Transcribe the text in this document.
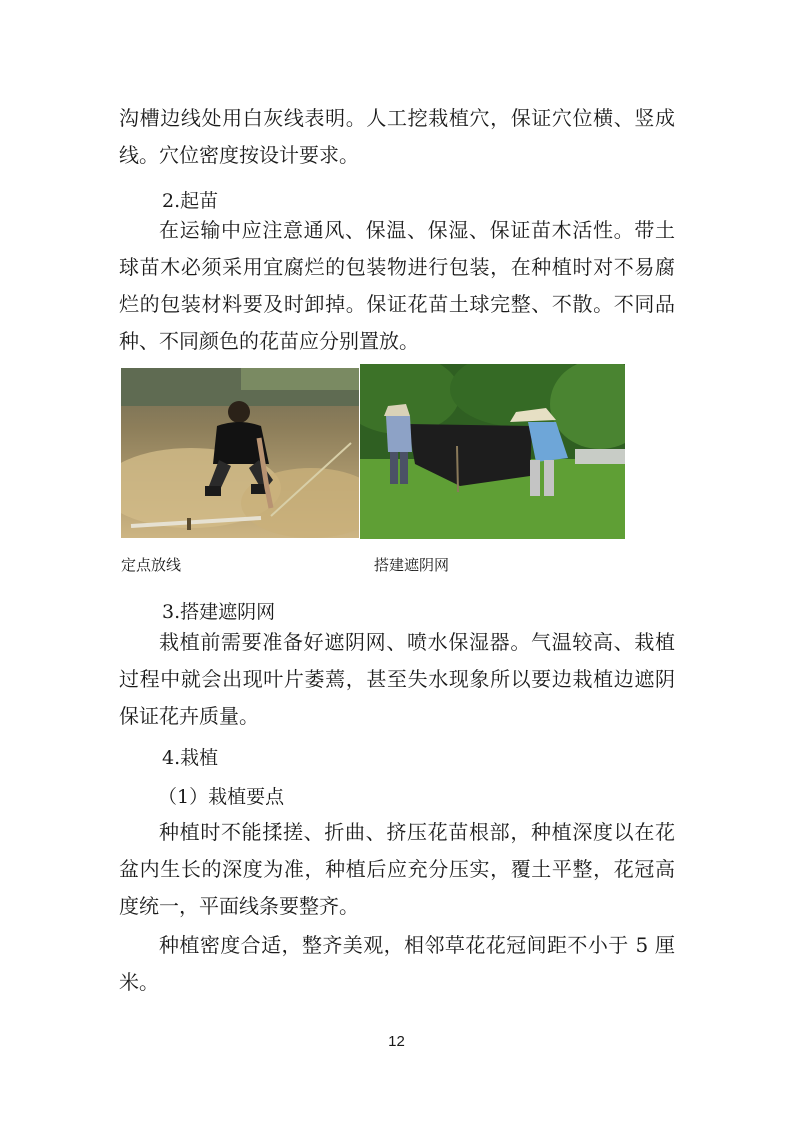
沟槽边线处用白灰线表明。人工挖栽植穴，保证穴位横、竖成线。穴位密度按设计要求。

2.起苗

在运输中应注意通风、保温、保湿、保证苗木活性。带土球苗木必须采用宜腐烂的包装物进行包装，在种植时对不易腐烂的包装材料要及时卸掉。保证花苗土球完整、不散。不同品种、不同颜色的花苗应分别置放。

定点放线	搭建遮阴网
3.搭建遮阴网

栽植前需要准备好遮阴网、喷水保湿器。气温较高、栽植过程中就会出现叶片萎蔫，甚至失水现象所以要边栽植边遮阴保证花卉质量。

4.栽植
（1）栽植要点

种植时不能揉搓、折曲、挤压花苗根部，种植深度以在花盆内生长的深度为准，种植后应充分压实，覆土平整，花冠高度统一，平面线条要整齐。

种植密度合适，整齐美观，相邻草花花冠间距不小于 5 厘米。

12
